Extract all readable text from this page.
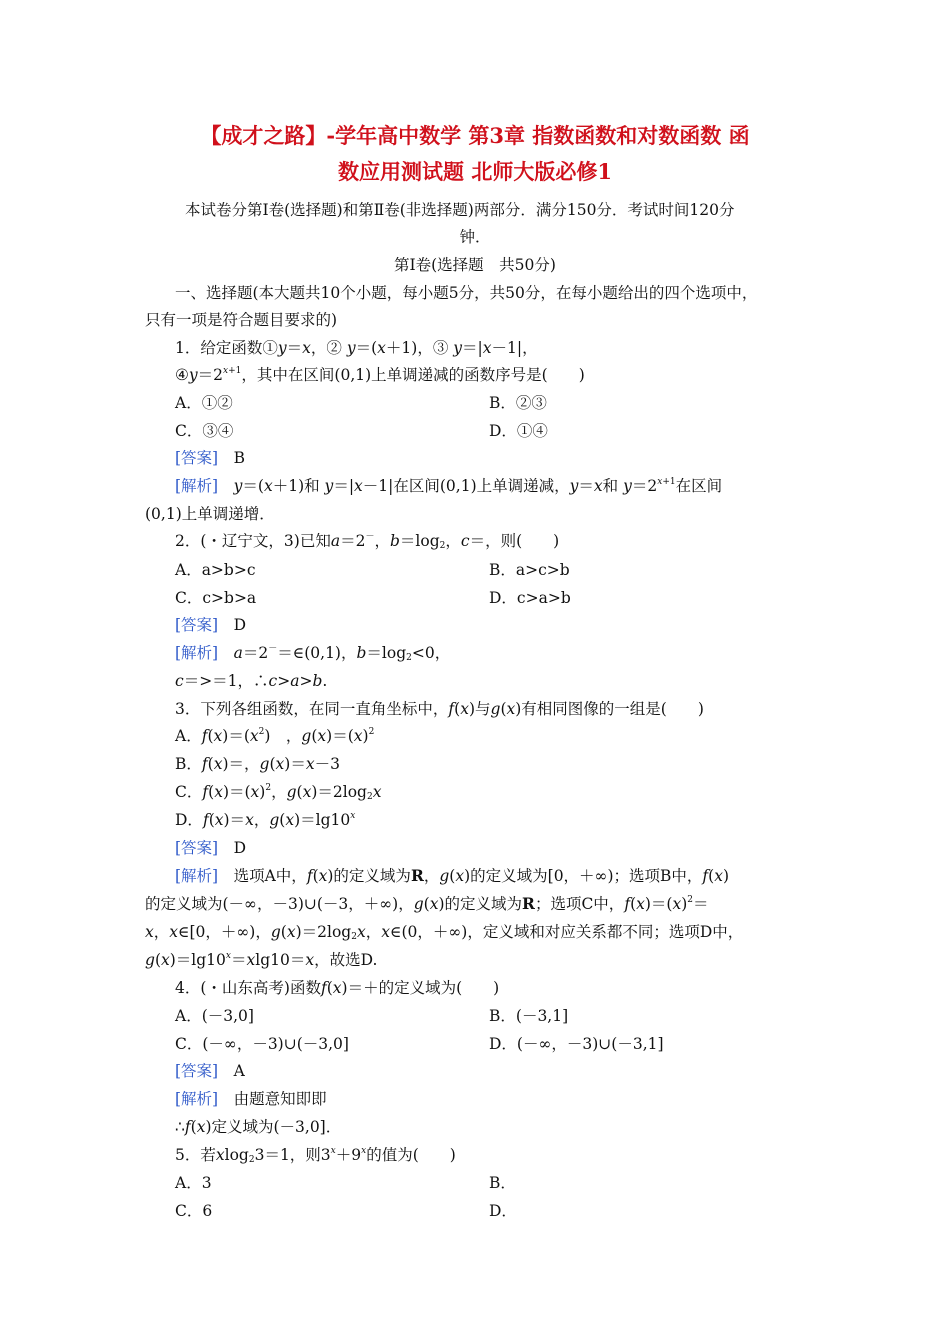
【成才之路】-学年高中数学 第3章 指数函数和对数函数 函
数应用测试题 北师大版必修1
本试卷分第Ⅰ卷(选择题)和第Ⅱ卷(非选择题)两部分．满分150分．考试时间120分
钟．
第Ⅰ卷(选择题　共50分)
一、选择题(本大题共10个小题，每小题5分，共50分，在每小题给出的四个选项中，
只有一项是符合题目要求的)
1．给定函数①y＝x，② y＝(x＋1)，③ y＝|x－1|，
$④y=2^{x+1}$，其中在区间(0,1)上单调递减的函数序号是(　　)
A．①②	B．②③
C．③④	D．①④
[答案]　 B
[解析]　 y＝(x＋1)和 y＝|x－1|在区间(0,1)上单调递减，y＝x和 $y=2^{x+1}$在区间
(0,1)上单调递增．
2．(・辽宁文，3)已知a＝2－，$b=\log_2$，c＝，则(　　)
A．a>b>c	B．a>c>b
C．c>b>a	D．c>a>b
[答案]　 D
[解析]　 a＝2－＝∈(0,1)，$b=\log_2<0$，
c＝>＝1，∴c>a>b.
3．下列各组函数，在同一直角坐标中，f(x)与g(x)有相同图像的一组是(　　)
A．$f(x)=(x^2)$　，$g(x)=(x)^2$
B．f(x)＝，g(x)＝x－3
C．$f(x)=(x)^2$，$g(x)=2\log_2x$
D．f(x)＝x，$g(x)=\lg 10^x$
[答案]　 D
[解析]　选项A中，f(x)的定义域为R，g(x)的定义域为[0，＋∞)；选项B中，f(x)
的定义域为(－∞，－3)∪(－3，＋∞)，g(x)的定义域为R；选项C中，$f(x)=(x)^2=$
x，x∈[0，＋∞)，$g(x)=2\log_2x$，x∈(0，＋∞)，定义域和对应关系都不同；选项D中，
$g(x)=\lg 10^x=xlg10=x$，故选D.
4．(・山东高考)函数f(x)＝＋的定义域为(　　)
A．(－3,0]	B．(－3,1]
C．(－∞，－3)∪(－3,0]	D．(－∞，－3)∪(－3,1]
[答案]　 A
[解析]　 由题意知即即
∴f(x)定义域为(－3,0]．
5．若xlog$_2$3＝1，则$3^x+9^x$的值为(　　)
A．3	B．
C．6	D．
